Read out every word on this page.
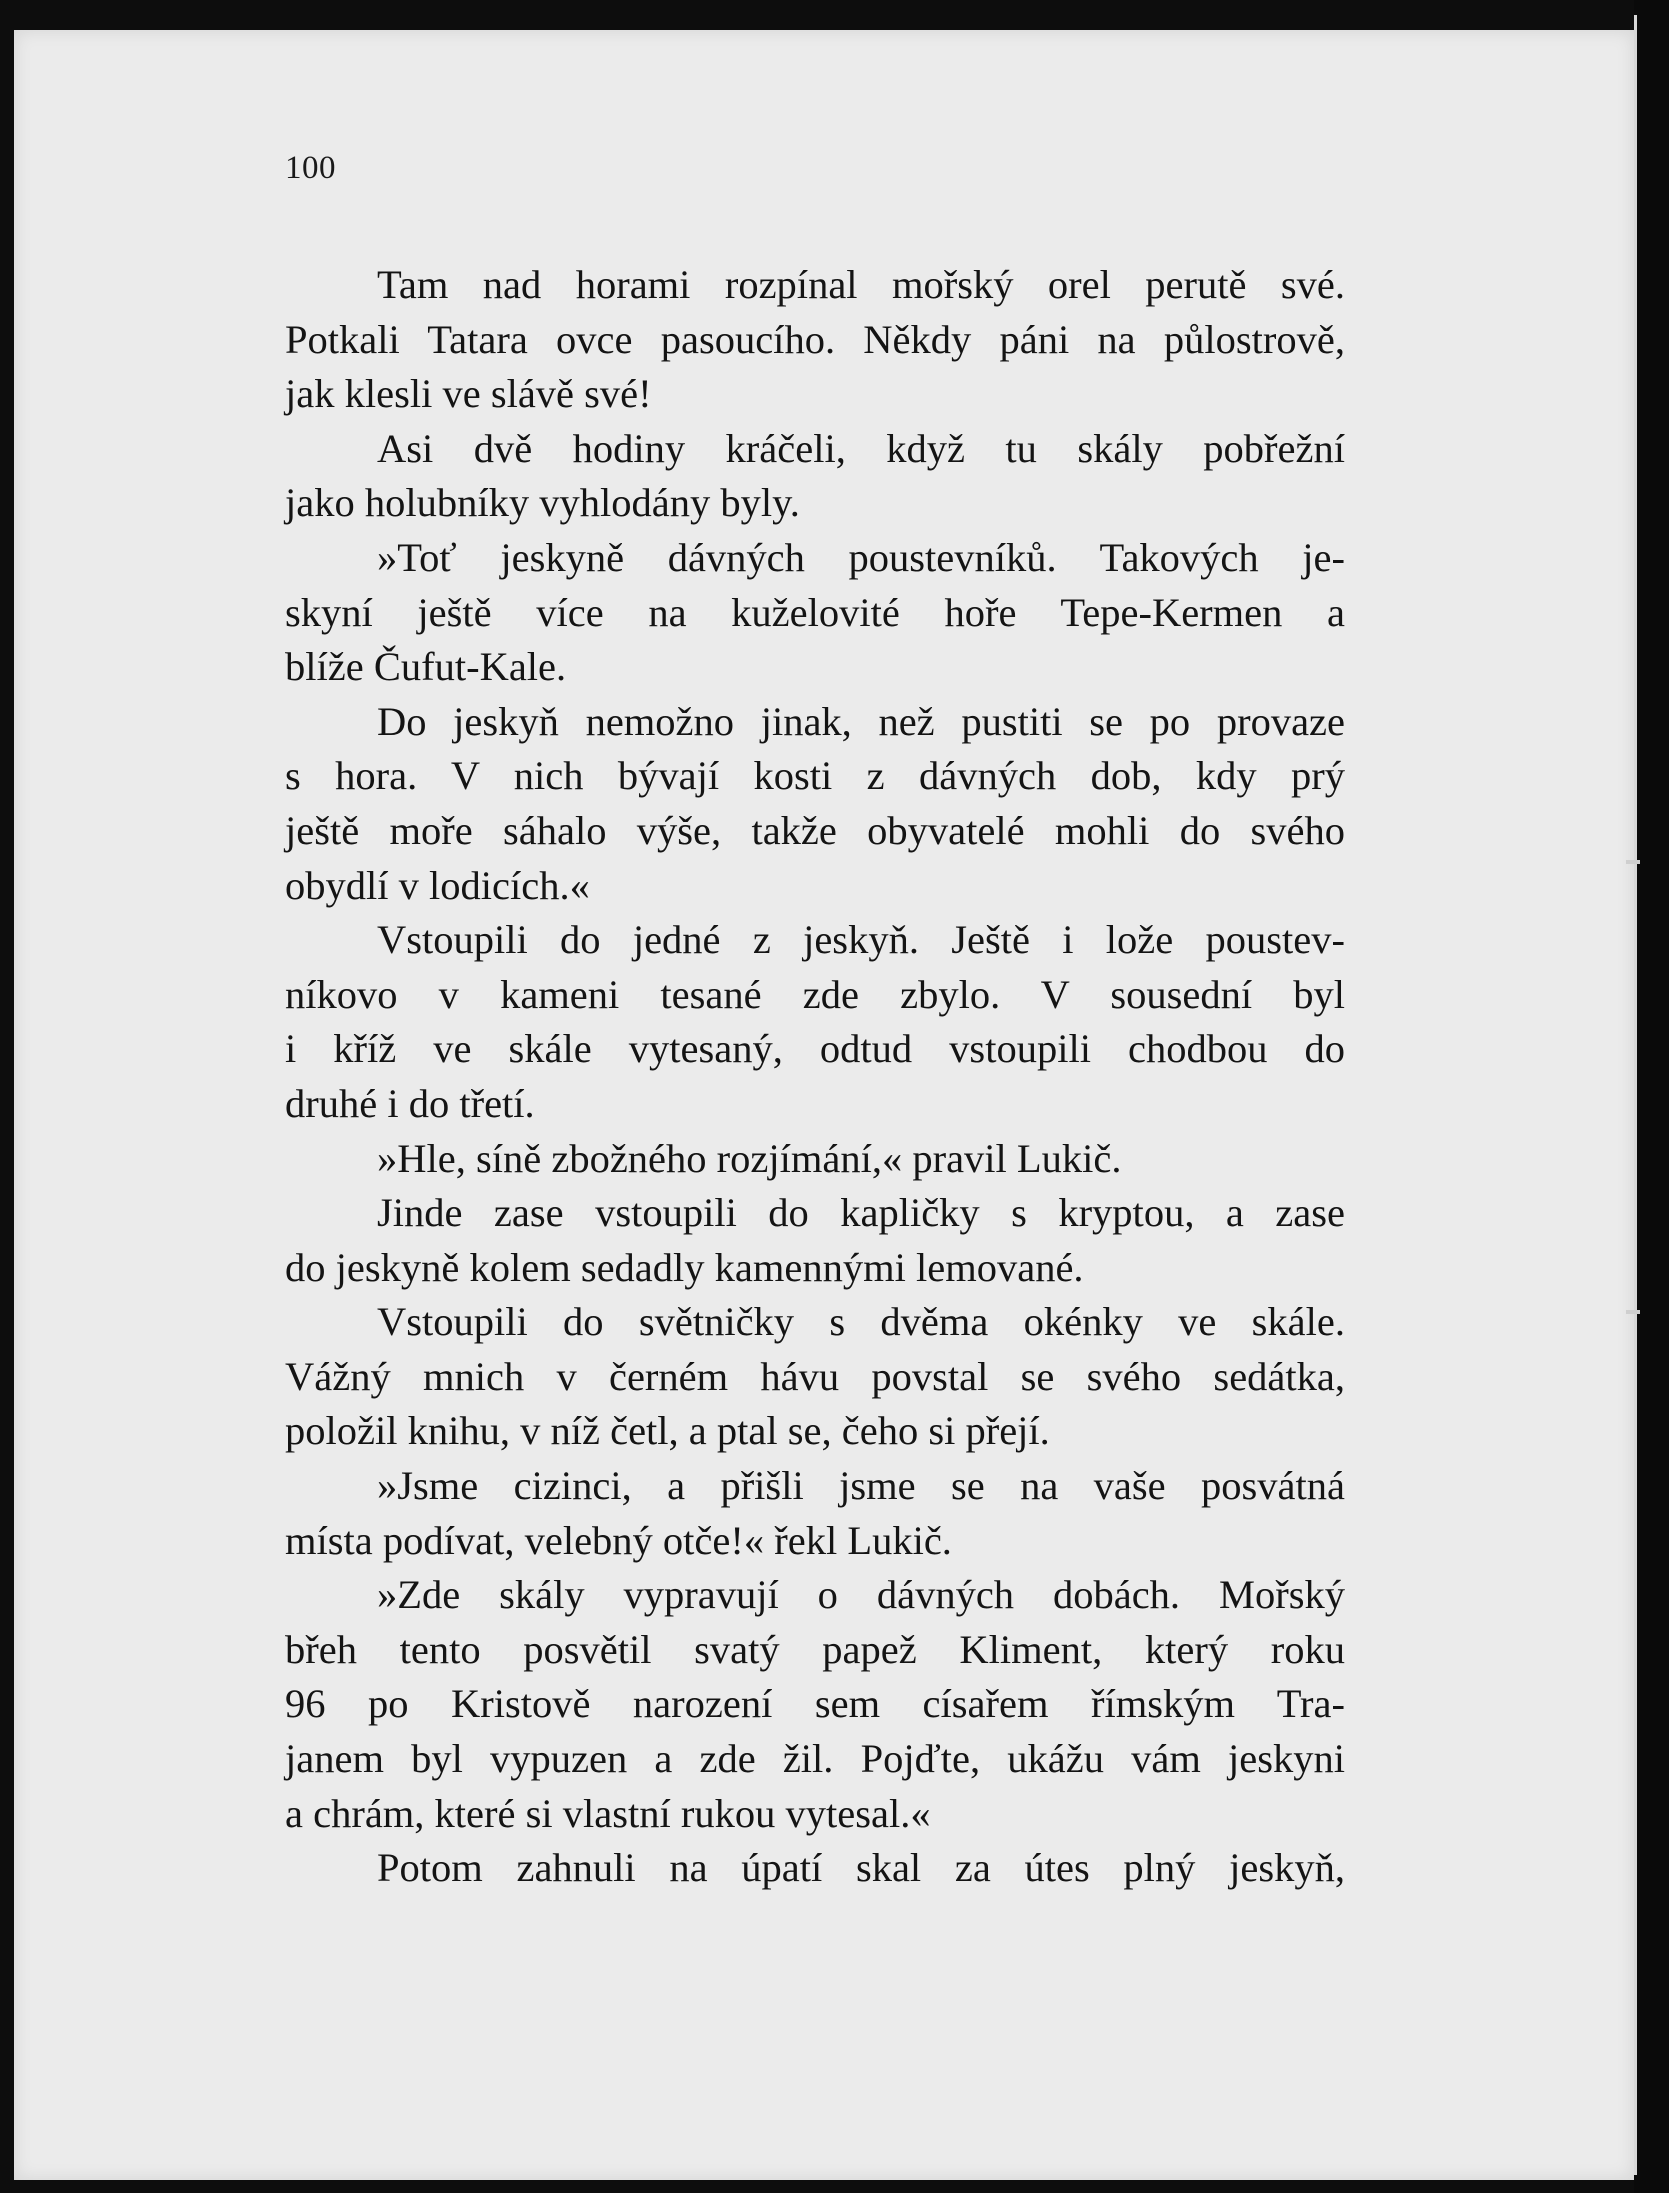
100
Tam nad horami rozpínal mořský orel perutě své.
Potkali Tatara ovce pasoucího. Někdy páni na půlostrově,
jak klesli ve slávě své!
Asi dvě hodiny kráčeli, když tu skály pobřežní
jako holubníky vyhlodány byly.
»Toť jeskyně dávných poustevníků. Takových je-
skyní ještě více na kuželovité hoře Tepe-Kermen a
blíže Čufut-Kale.
Do jeskyň nemožno jinak, než pustiti se po provaze
s hora. V nich bývají kosti z dávných dob, kdy prý
ještě moře sáhalo výše, takže obyvatelé mohli do svého
obydlí v lodicích.«
Vstoupili do jedné z jeskyň. Ještě i lože poustev-
níkovo v kameni tesané zde zbylo. V sousední byl
i kříž ve skále vytesaný, odtud vstoupili chodbou do
druhé i do třetí.
»Hle, síně zbožného rozjímání,« pravil Lukič.
Jinde zase vstoupili do kapličky s kryptou, a zase
do jeskyně kolem sedadly kamennými lemované.
Vstoupili do světničky s dvěma okénky ve skále.
Vážný mnich v černém hávu povstal se svého sedátka,
položil knihu, v níž četl, a ptal se, čeho si přejí.
»Jsme cizinci, a přišli jsme se na vaše posvátná
místa podívat, velebný otče!« řekl Lukič.
»Zde skály vypravují o dávných dobách. Mořský
břeh tento posvětil svatý papež Kliment, který roku
96 po Kristově narození sem císařem římským Tra-
janem byl vypuzen a zde žil. Pojďte, ukážu vám jeskyni
a chrám, které si vlastní rukou vytesal.«
Potom zahnuli na úpatí skal za útes plný jeskyň,
